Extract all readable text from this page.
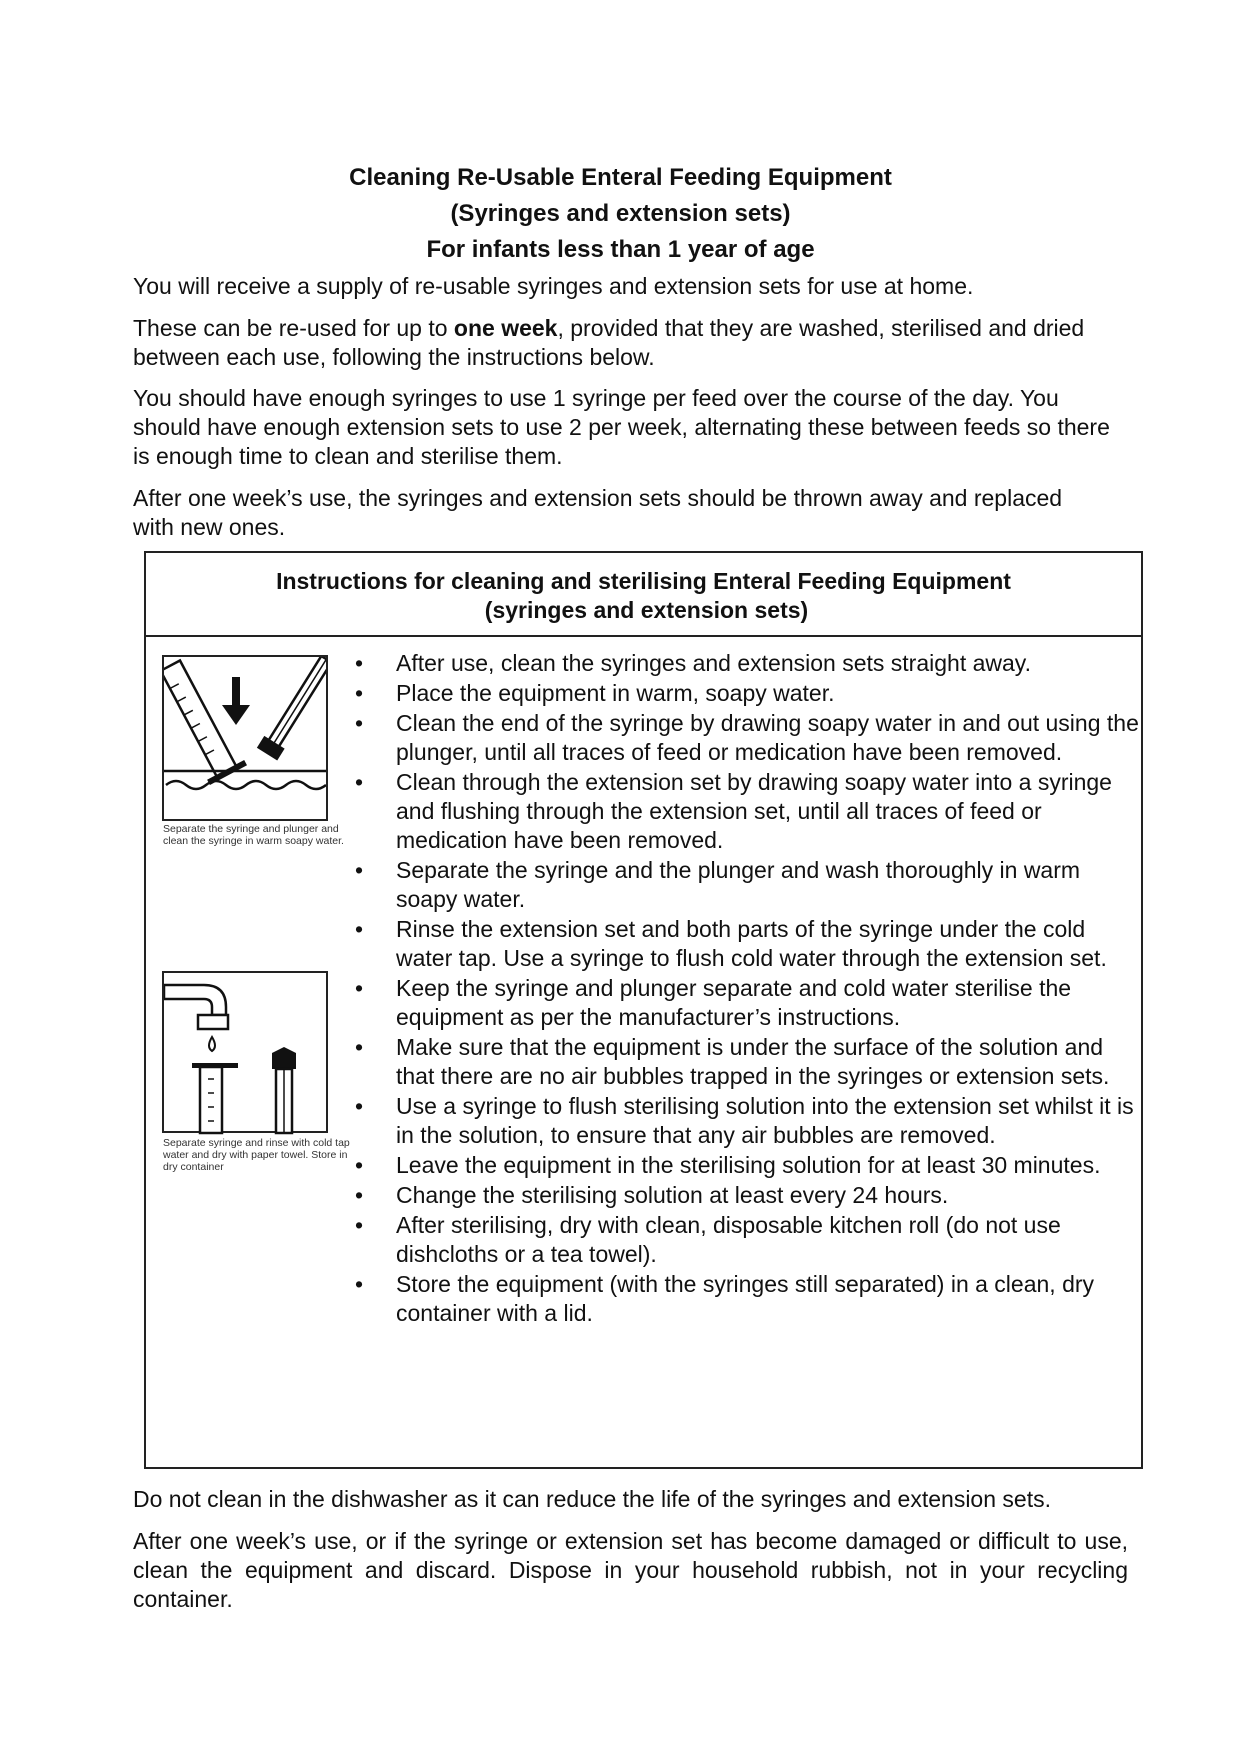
Cleaning Re-Usable Enteral Feeding Equipment
(Syringes and extension sets)
For infants less than 1 year of age

You will receive a supply of re-usable syringes and extension sets for use at home.

These can be re-used for up to one week, provided that they are washed, sterilised and dried between each use, following the instructions below.

You should have enough syringes to use 1 syringe per feed over the course of the day. You should have enough extension sets to use 2 per week, alternating these between feeds so there is enough time to clean and sterilise them.

After one week’s use, the syringes and extension sets should be thrown away and replaced with new ones.

Instructions for cleaning and sterilising Enteral Feeding Equipment
(syringes and extension sets)
Separate the syringe and plunger and clean the syringe in warm soapy water.
Separate syringe and rinse with cold tap water and dry with paper towel. Store in dry container
• After use, clean the syringes and extension sets straight away.
• Place the equipment in warm, soapy water.
• Clean the end of the syringe by drawing soapy water in and out using the plunger, until all traces of feed or medication have been removed.
• Clean through the extension set by drawing soapy water into a syringe and flushing through the extension set, until all traces of feed or medication have been removed.
• Separate the syringe and the plunger and wash thoroughly in warm soapy water.
• Rinse the extension set and both parts of the syringe under the cold water tap. Use a syringe to flush cold water through the extension set.
• Keep the syringe and plunger separate and cold water sterilise the equipment as per the manufacturer’s instructions.
• Make sure that the equipment is under the surface of the solution and that there are no air bubbles trapped in the syringes or extension sets.
• Use a syringe to flush sterilising solution into the extension set whilst it is in the solution, to ensure that any air bubbles are removed.
• Leave the equipment in the sterilising solution for at least 30 minutes.
• Change the sterilising solution at least every 24 hours.
• After sterilising, dry with clean, disposable kitchen roll (do not use dishcloths or a tea towel).
• Store the equipment (with the syringes still separated) in a clean, dry container with a lid.

Do not clean in the dishwasher as it can reduce the life of the syringes and extension sets.

After one week’s use, or if the syringe or extension set has become damaged or difficult to use, clean the equipment and discard. Dispose in your household rubbish, not in your recycling container.
